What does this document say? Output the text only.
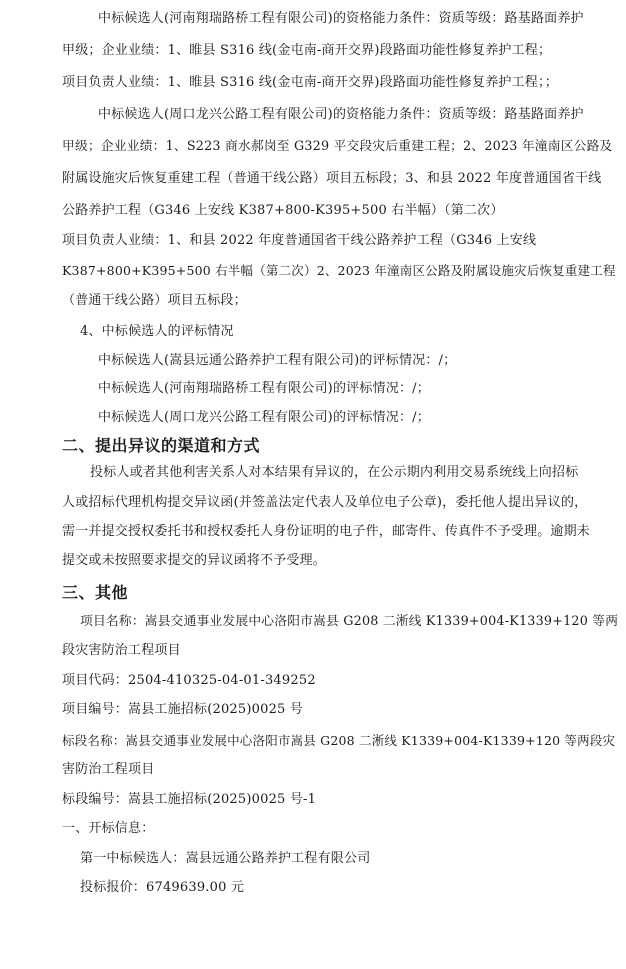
中标候选人(河南翔瑞路桥工程有限公司)的资格能力条件：资质等级：路基路面养护
甲级；企业业绩：1、睢县 S316 线(金屯南-商开交界)段路面功能性修复养护工程；
项目负责人业绩：1、睢县 S316 线(金屯南-商开交界)段路面功能性修复养护工程；；
中标候选人(周口龙兴公路工程有限公司)的资格能力条件：资质等级：路基路面养护
甲级；企业业绩：1、S223 商水郝岗至 G329 平交段灾后重建工程；2、2023 年潼南区公路及
附属设施灾后恢复重建工程（普通干线公路）项目五标段；3、和县 2022 年度普通国省干线
公路养护工程（G346 上安线 K387+800-K395+500 右半幅）（第二次）
项目负责人业绩：1、和县 2022 年度普通国省干线公路养护工程（G346 上安线
K387+800+K395+500 右半幅（第二次）2、2023 年潼南区公路及附属设施灾后恢复重建工程
（普通干线公路）项目五标段；
4、中标候选人的评标情况
中标候选人(嵩县远通公路养护工程有限公司)的评标情况：/；
中标候选人(河南翔瑞路桥工程有限公司)的评标情况：/；
中标候选人(周口龙兴公路工程有限公司)的评标情况：/；
二、提出异议的渠道和方式
投标人或者其他利害关系人对本结果有异议的，在公示期内利用交易系统线上向招标
人或招标代理机构提交异议函(并签盖法定代表人及单位电子公章)，委托他人提出异议的，
需一并提交授权委托书和授权委托人身份证明的电子件，邮寄件、传真件不予受理。逾期未
提交或未按照要求提交的异议函将不予受理。
三、其他
项目名称：嵩县交通事业发展中心洛阳市嵩县 G208 二淅线 K1339+004-K1339+120 等两
段灾害防治工程项目
项目代码：2504-410325-04-01-349252
项目编号：嵩县工施招标(2025)0025 号
标段名称：嵩县交通事业发展中心洛阳市嵩县 G208 二淅线 K1339+004-K1339+120 等两段灾
害防治工程项目
标段编号：嵩县工施招标(2025)0025 号-1
一、开标信息：
第一中标候选人：嵩县远通公路养护工程有限公司
投标报价：6749639.00 元
